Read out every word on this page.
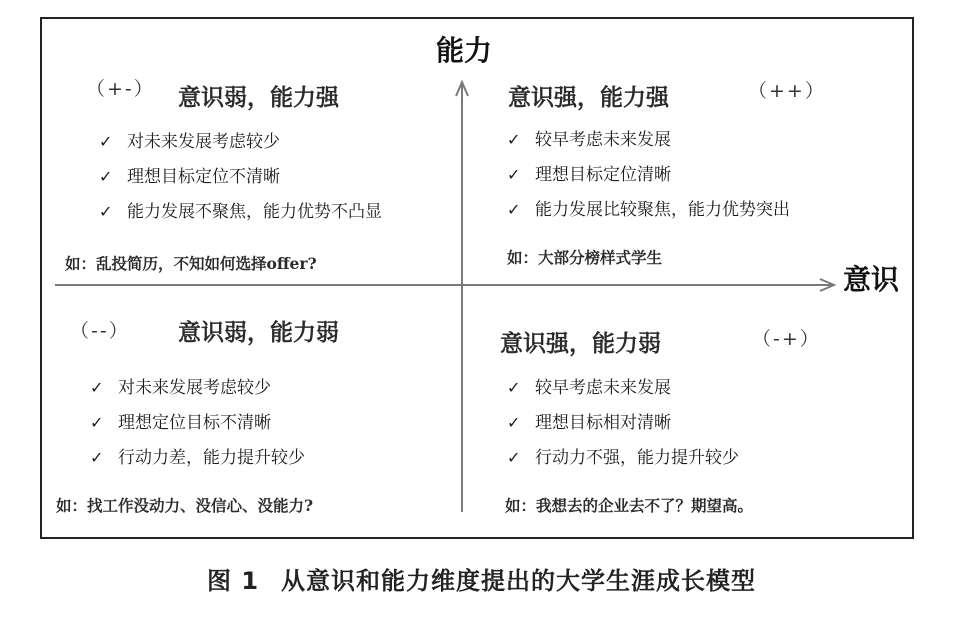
能力
意识
（+-） 意识弱，能力强
✓ 对未来发展考虑较少
✓ 理想目标定位不清晰
✓ 能力发展不聚焦，能力优势不凸显
如：乱投简历，不知如何选择offer?
意识强，能力强	（++）
✓ 较早考虑未来发展
✓ 理想目标定位清晰
✓ 能力发展比较聚焦，能力优势突出
如：大部分榜样式学生
（--） 意识弱，能力弱
✓ 对未来发展考虑较少
✓ 理想定位目标不清晰
✓ 行动力差，能力提升较少
如：找工作没动力、没信心、没能力?
意识强，能力弱	（-+）
✓ 较早考虑未来发展
✓ 理想目标相对清晰
✓ 行动力不强，能力提升较少
如：我想去的企业去不了？期望高。
图 1 从意识和能力维度提出的大学生涯成长模型
